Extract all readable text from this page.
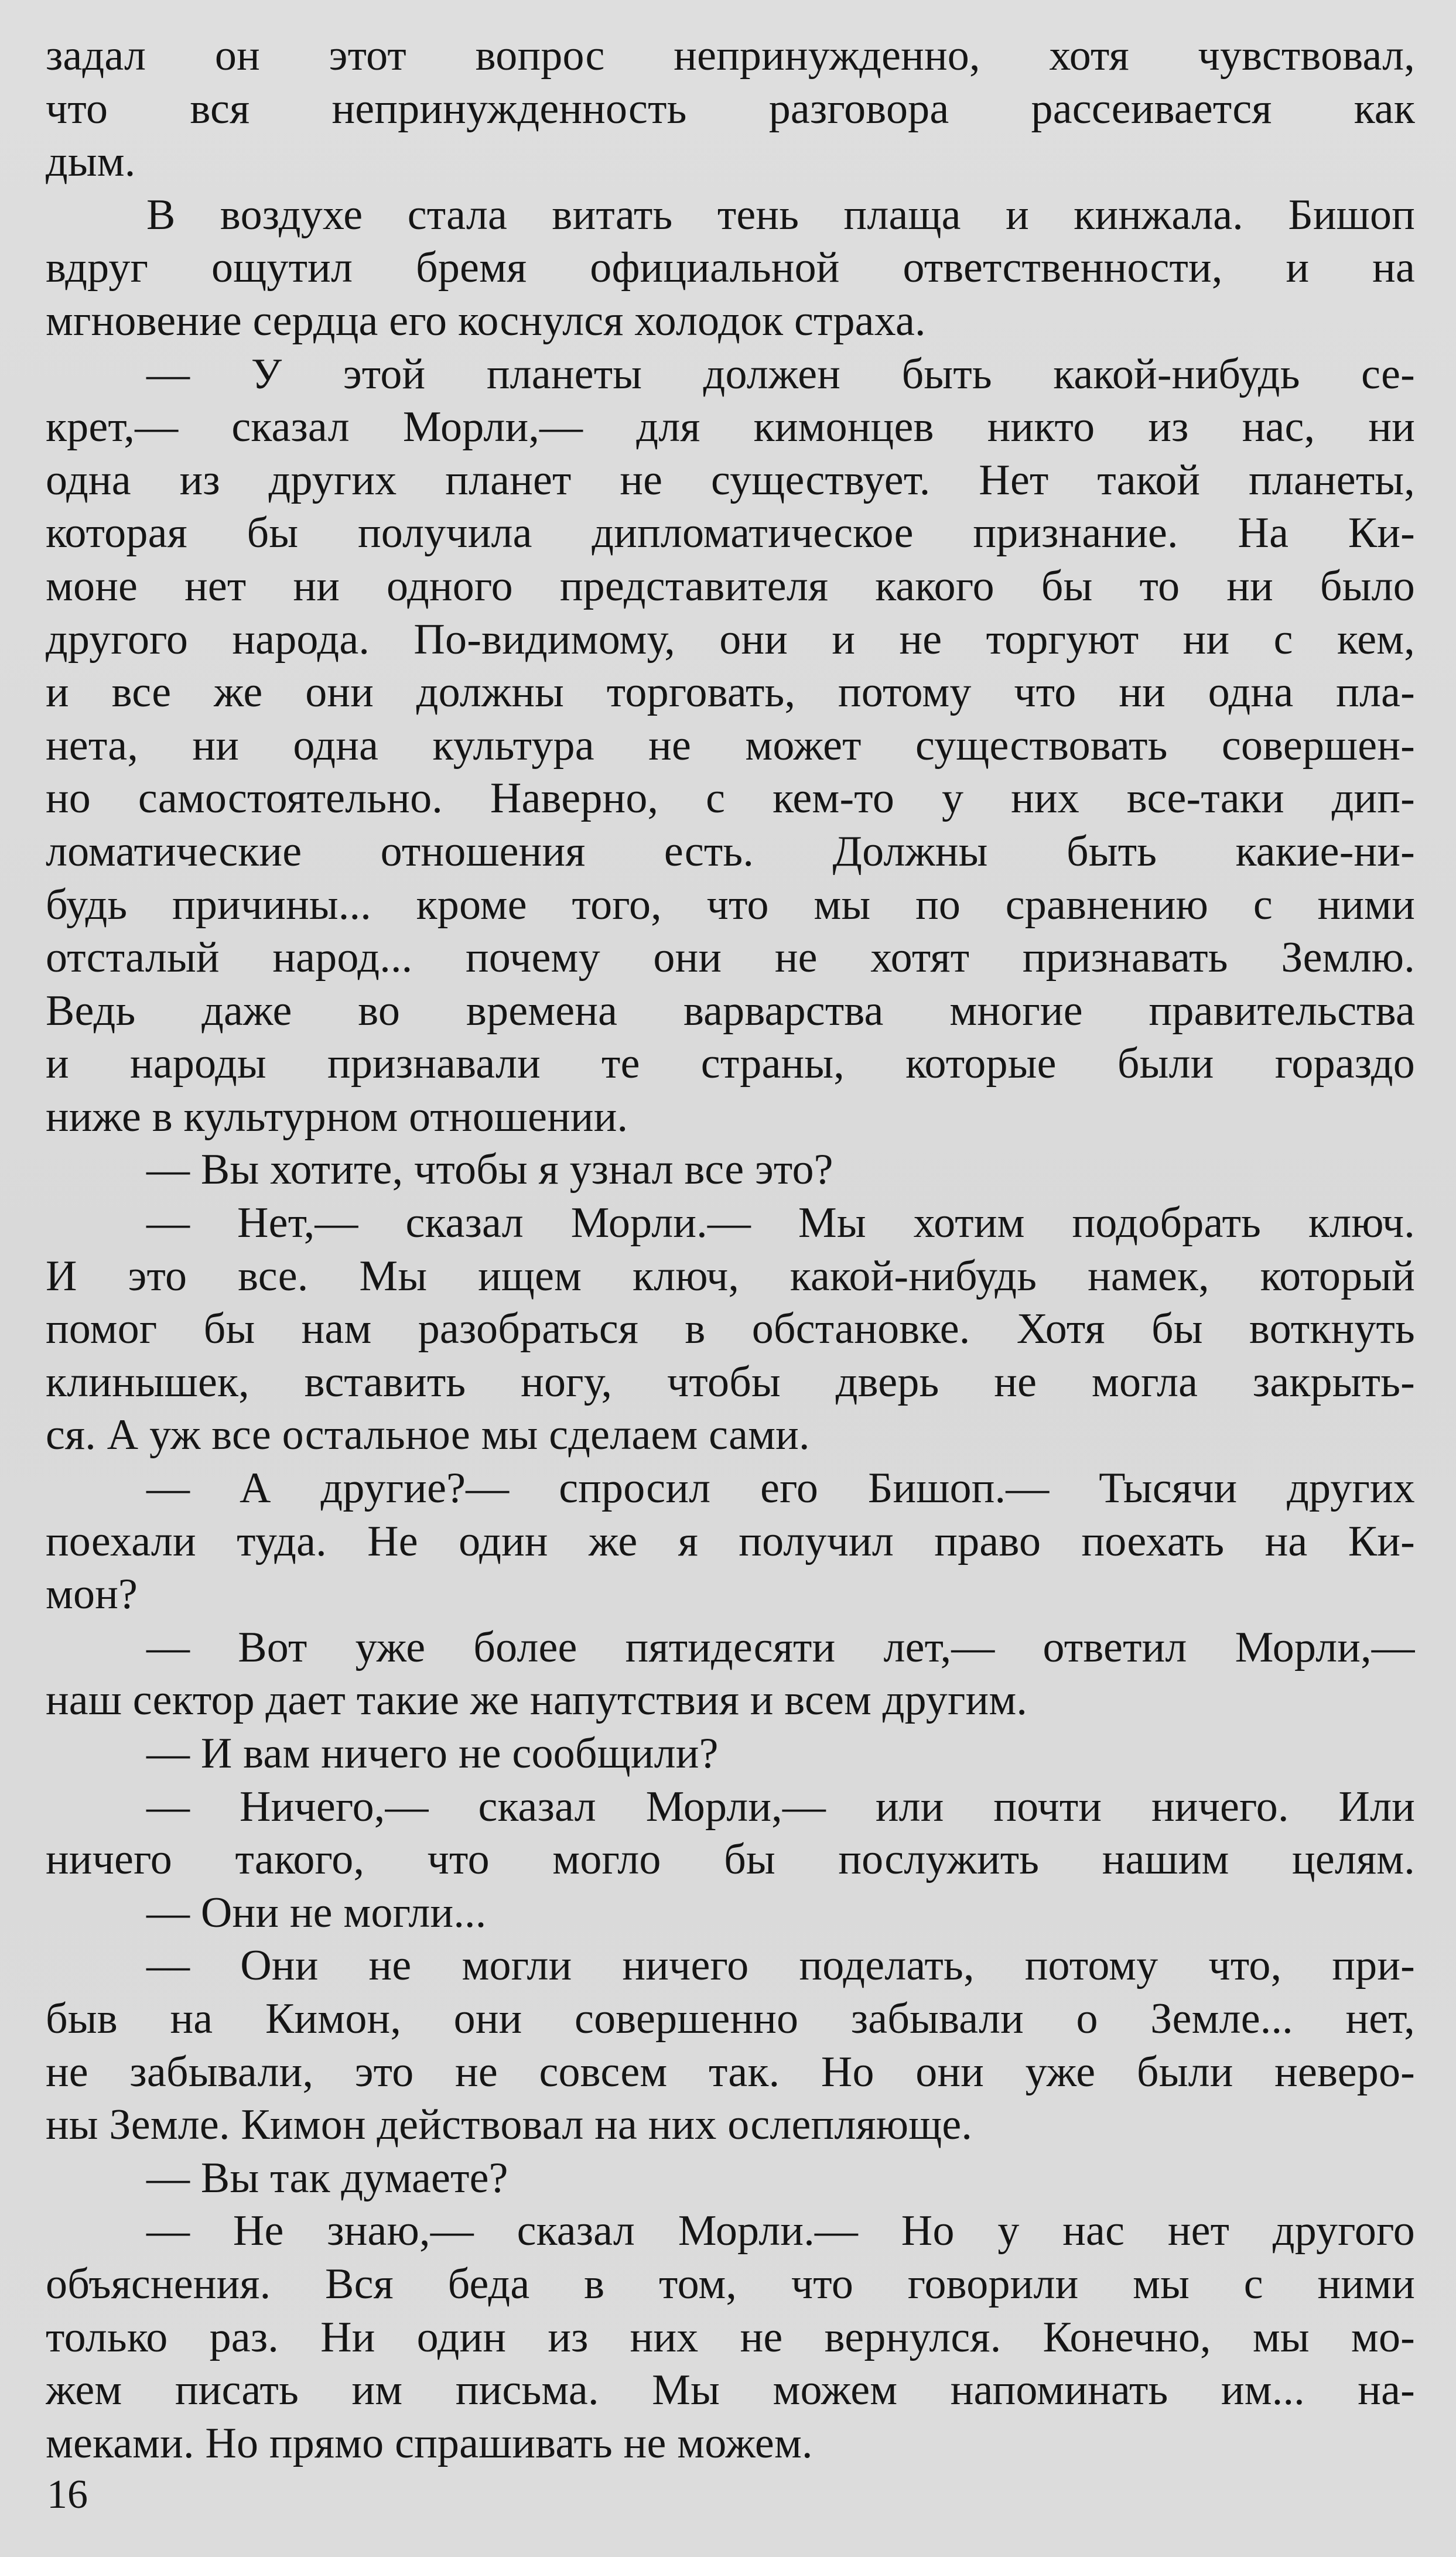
задал он этот вопрос непринужденно, хотя чувствовал,
что вся непринужденность разговора рассеивается как
дым.
В воздухе стала витать тень плаща и кинжала. Бишоп
вдруг ощутил бремя официальной ответственности, и на
мгновение сердца его коснулся холодок страха.
— У этой планеты должен быть какой-нибудь се-
крет,— сказал Морли,— для кимонцев никто из нас, ни
одна из других планет не существует. Нет такой планеты,
которая бы получила дипломатическое признание. На Ки-
моне нет ни одного представителя какого бы то ни было
другого народа. По-видимому, они и не торгуют ни с кем,
и все же они должны торговать, потому что ни одна пла-
нета, ни одна культура не может существовать совершен-
но самостоятельно. Наверно, с кем-то у них все-таки дип-
ломатические отношения есть. Должны быть какие-ни-
будь причины... кроме того, что мы по сравнению с ними
отсталый народ... почему они не хотят признавать Землю.
Ведь даже во времена варварства многие правительства
и народы признавали те страны, которые были гораздо
ниже в культурном отношении.
— Вы хотите, чтобы я узнал все это?
— Нет,— сказал Морли.— Мы хотим подобрать ключ.
И это все. Мы ищем ключ, какой-нибудь намек, который
помог бы нам разобраться в обстановке. Хотя бы воткнуть
клинышек, вставить ногу, чтобы дверь не могла закрыть-
ся. А уж все остальное мы сделаем сами.
— А другие?— спросил его Бишоп.— Тысячи других
поехали туда. Не один же я получил право поехать на Ки-
мон?
— Вот уже более пятидесяти лет,— ответил Морли,—
наш сектор дает такие же напутствия и всем другим.
— И вам ничего не сообщили?
— Ничего,— сказал Морли,— или почти ничего. Или
ничего такого, что могло бы послужить нашим целям.
— Они не могли...
— Они не могли ничего поделать, потому что, при-
быв на Кимон, они совершенно забывали о Земле... нет,
не забывали, это не совсем так. Но они уже были неверо-
ны Земле. Кимон действовал на них ослепляюще.
— Вы так думаете?
— Не знаю,— сказал Морли.— Но у нас нет другого
объяснения. Вся беда в том, что говорили мы с ними
только раз. Ни один из них не вернулся. Конечно, мы мо-
жем писать им письма. Мы можем напоминать им... на-
меками. Но прямо спрашивать не можем.
16
